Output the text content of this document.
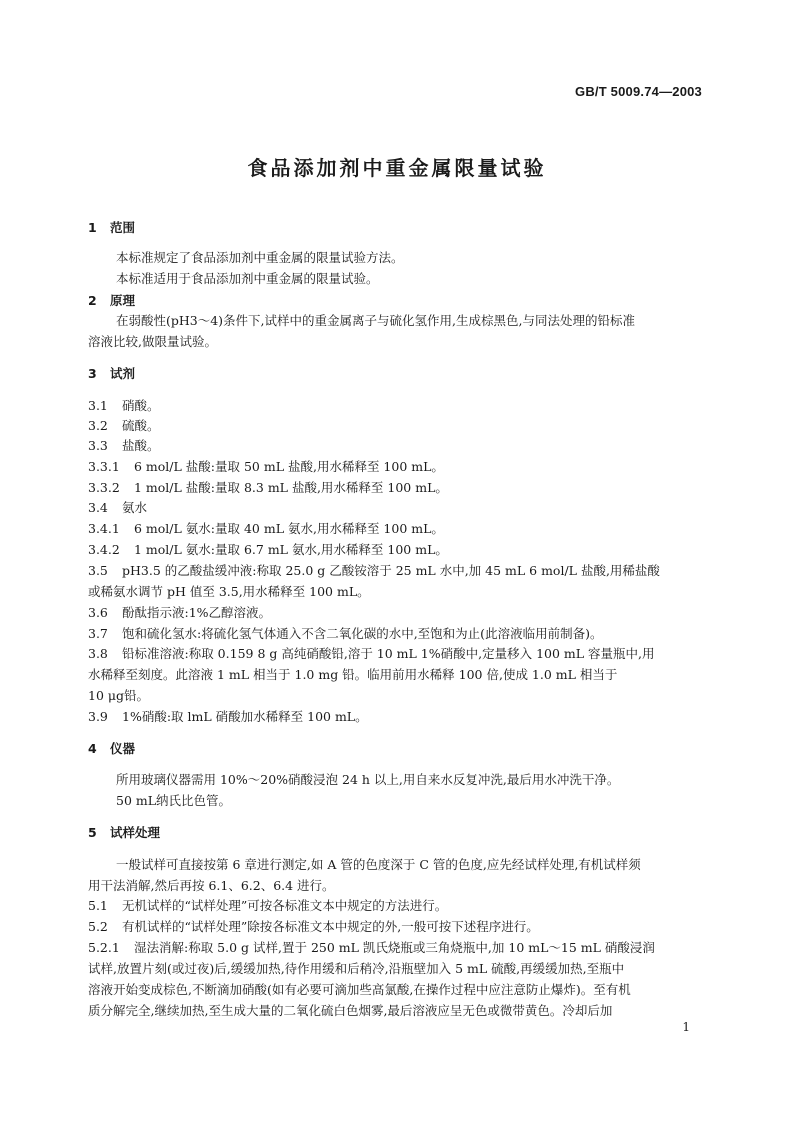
GB/T 5009.74—2003
食品添加剂中重金属限量试验
1 范围
本标准规定了食品添加剂中重金属的限量试验方法。
本标准适用于食品添加剂中重金属的限量试验。
2 原理
在弱酸性(pH3～4)条件下,试样中的重金属离子与硫化氢作用,生成棕黑色,与同法处理的铅标准
溶液比较,做限量试验。
3 试剂
3.1 硝酸。
3.2 硫酸。
3.3 盐酸。
3.3.1 6 mol/L 盐酸:量取 50 mL 盐酸,用水稀释至 100 mL。
3.3.2 1 mol/L 盐酸:量取 8.3 mL 盐酸,用水稀释至 100 mL。
3.4 氨水
3.4.1 6 mol/L 氨水:量取 40 mL 氨水,用水稀释至 100 mL。
3.4.2 1 mol/L 氨水:量取 6.7 mL 氨水,用水稀释至 100 mL。
3.5 pH3.5 的乙酸盐缓冲液:称取 25.0 g 乙酸铵溶于 25 mL 水中,加 45 mL 6 mol/L 盐酸,用稀盐酸
或稀氨水调节 pH 值至 3.5,用水稀释至 100 mL。
3.6 酚酞指示液:1%乙醇溶液。
3.7 饱和硫化氢水:将硫化氢气体通入不含二氧化碳的水中,至饱和为止(此溶液临用前制备)。
3.8 铅标准溶液:称取 0.159 8 g 高纯硝酸铅,溶于 10 mL 1%硝酸中,定量移入 100 mL 容量瓶中,用
水稀释至刻度。此溶液 1 mL 相当于 1.0 mg 铅。临用前用水稀释 100 倍,使成 1.0 mL 相当于
10 μg铅。
3.9 1%硝酸:取 lmL 硝酸加水稀释至 100 mL。
4 仪器
所用玻璃仪器需用 10%～20%硝酸浸泡 24 h 以上,用自来水反复冲洗,最后用水冲洗干净。
50 mL纳氏比色管。
5 试样处理
一般试样可直接按第 6 章进行测定,如 A 管的色度深于 C 管的色度,应先经试样处理,有机试样须
用干法消解,然后再按 6.1、6.2、6.4 进行。
5.1 无机试样的“试样处理”可按各标准文本中规定的方法进行。
5.2 有机试样的“试样处理”除按各标准文本中规定的外,一般可按下述程序进行。
5.2.1 湿法消解:称取 5.0 g 试样,置于 250 mL 凯氏烧瓶或三角烧瓶中,加 10 mL～15 mL 硝酸浸润
试样,放置片刻(或过夜)后,缓缓加热,待作用缓和后稍冷,沿瓶壁加入 5 mL 硫酸,再缓缓加热,至瓶中
溶液开始变成棕色,不断滴加硝酸(如有必要可滴加些高氯酸,在操作过程中应注意防止爆炸)。至有机
质分解完全,继续加热,至生成大量的二氧化硫白色烟雾,最后溶液应呈无色或微带黄色。冷却后加
1
